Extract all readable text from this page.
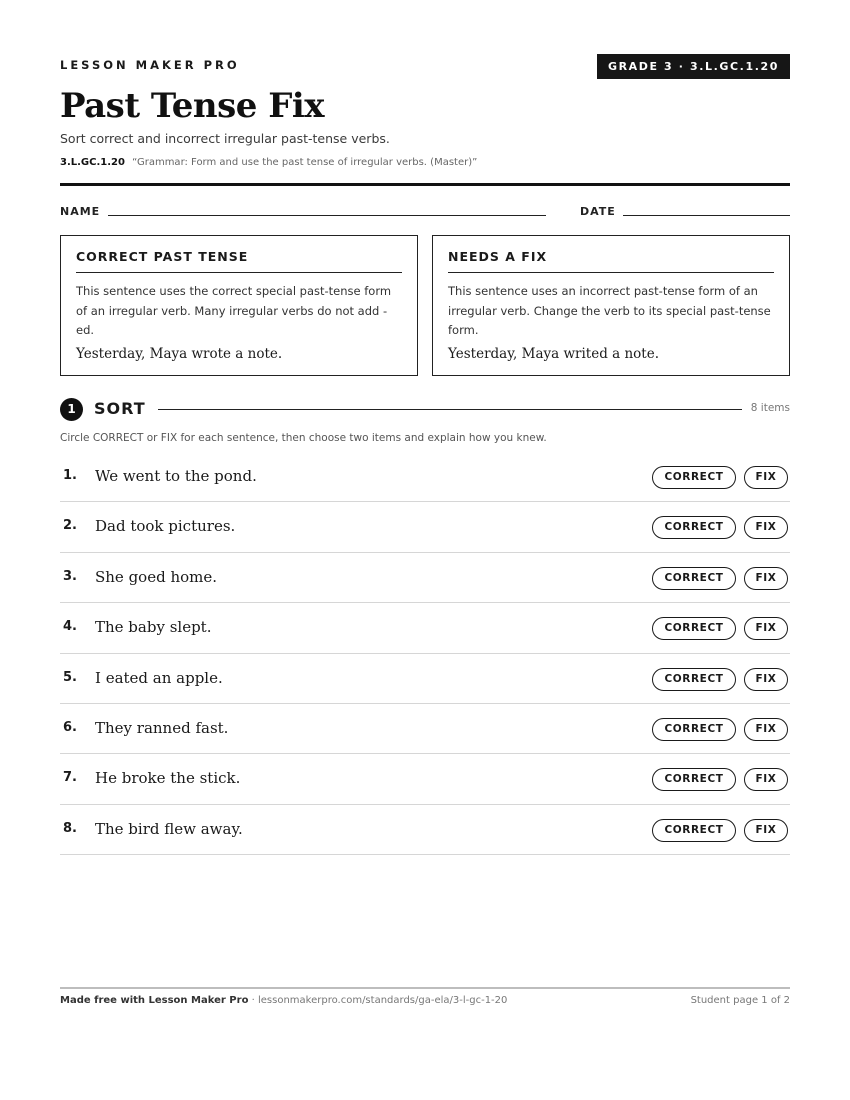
LESSON MAKER PRO	GRADE 3 · 3.L.GC.1.20
Past Tense Fix
Sort correct and incorrect irregular past-tense verbs.
3.L.GC.1.20 “Grammar: Form and use the past tense of irregular verbs. (Master)”
NAME	DATE
CORRECT PAST TENSE
This sentence uses the correct special past-tense form of an irregular verb. Many irregular verbs do not add -ed.
Yesterday, Maya wrote a note.
NEEDS A FIX
This sentence uses an incorrect past-tense form of an irregular verb. Change the verb to its special past-tense form.
Yesterday, Maya writed a note.
1	SORT	8 items
Circle CORRECT or FIX for each sentence, then choose two items and explain how you knew.
1. We went to the pond.	CORRECT	FIX
2. Dad took pictures.	CORRECT	FIX
3. She goed home.	CORRECT	FIX
4. The baby slept.	CORRECT	FIX
5. I eated an apple.	CORRECT	FIX
6. They ranned fast.	CORRECT	FIX
7. He broke the stick.	CORRECT	FIX
8. The bird flew away.	CORRECT	FIX
Made free with Lesson Maker Pro · lessonmakerpro.com/standards/ga-ela/3-l-gc-1-20	Student page 1 of 2
